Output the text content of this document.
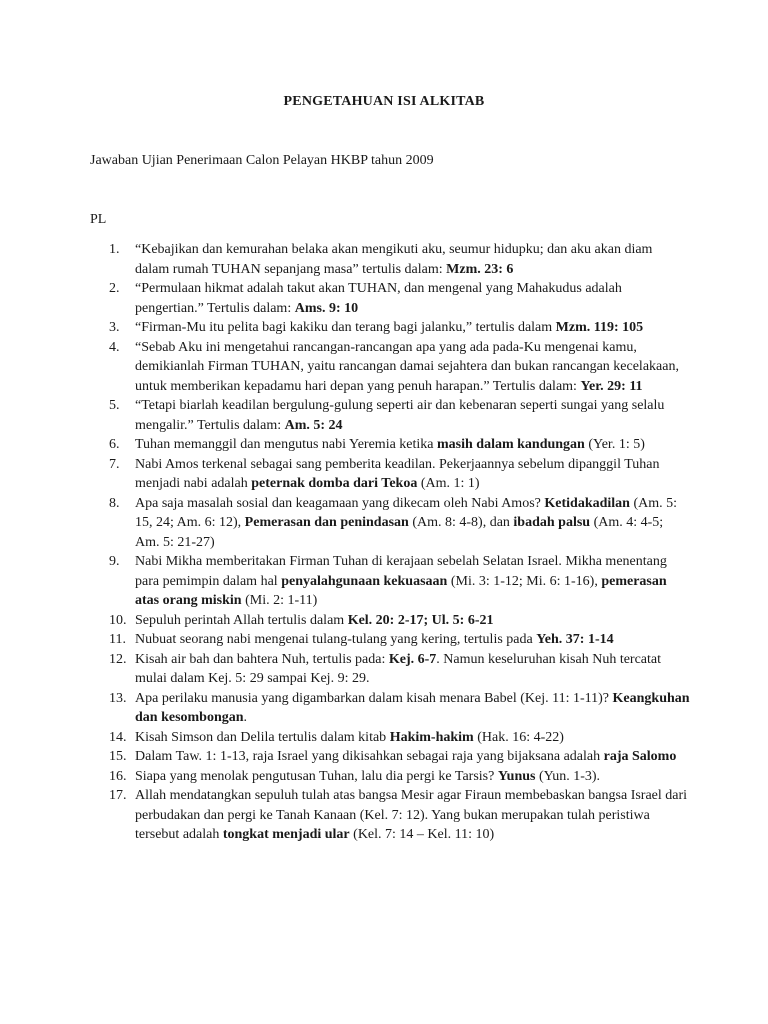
PENGETAHUAN ISI ALKITAB
Jawaban Ujian Penerimaan Calon Pelayan HKBP tahun 2009
PL
1.	“Kebajikan dan kemurahan belaka akan mengikuti aku, seumur hidupku; dan aku akan diam dalam rumah TUHAN sepanjang masa” tertulis dalam: Mzm. 23: 6
2.	“Permulaan hikmat adalah takut akan TUHAN, dan mengenal yang Mahakudus adalah pengertian.” Tertulis dalam: Ams. 9: 10
3.	“Firman-Mu itu pelita bagi kakiku dan terang bagi jalanku,” tertulis dalam Mzm. 119: 105
4.	“Sebab Aku ini mengetahui rancangan-rancangan apa yang ada pada-Ku mengenai kamu, demikianlah Firman TUHAN, yaitu rancangan damai sejahtera dan bukan rancangan kecelakaan, untuk memberikan kepadamu hari depan yang penuh harapan.” Tertulis dalam: Yer. 29: 11
5.	“Tetapi biarlah keadilan bergulung-gulung seperti air dan kebenaran seperti sungai yang selalu mengalir.” Tertulis dalam: Am. 5: 24
6.	Tuhan memanggil dan mengutus nabi Yeremia ketika masih dalam kandungan (Yer. 1: 5)
7.	Nabi Amos terkenal sebagai sang pemberita keadilan. Pekerjaannya sebelum dipanggil Tuhan menjadi nabi adalah peternak domba dari Tekoa (Am. 1: 1)
8.	Apa saja masalah sosial dan keagamaan yang dikecam oleh Nabi Amos? Ketidakadilan (Am. 5: 15, 24; Am. 6: 12), Pemerasan dan penindasan (Am. 8: 4-8), dan ibadah palsu (Am. 4: 4-5; Am. 5: 21-27)
9.	Nabi Mikha memberitakan Firman Tuhan di kerajaan sebelah Selatan Israel. Mikha menentang para pemimpin dalam hal penyalahgunaan kekuasaan (Mi. 3: 1-12; Mi. 6: 1-16), pemerasan atas orang miskin (Mi. 2: 1-11)
10. Sepuluh perintah Allah tertulis dalam Kel. 20: 2-17; Ul. 5: 6-21
11. Nubuat seorang nabi mengenai tulang-tulang yang kering, tertulis pada Yeh. 37: 1-14
12. Kisah air bah dan bahtera Nuh, tertulis pada: Kej. 6-7. Namun keseluruhan kisah Nuh tercatat mulai dalam Kej. 5: 29 sampai Kej. 9: 29.
13. Apa perilaku manusia yang digambarkan dalam kisah menara Babel (Kej. 11: 1-11)? Keangkuhan dan kesombongan.
14. Kisah Simson dan Delila tertulis dalam kitab Hakim-hakim (Hak. 16: 4-22)
15. Dalam Taw. 1: 1-13, raja Israel yang dikisahkan sebagai raja yang bijaksana adalah raja Salomo
16. Siapa yang menolak pengutusan Tuhan, lalu dia pergi ke Tarsis? Yunus (Yun. 1-3).
17. Allah mendatangkan sepuluh tulah atas bangsa Mesir agar Firaun membebaskan bangsa Israel dari perbudakan dan pergi ke Tanah Kanaan (Kel. 7: 12). Yang bukan merupakan tulah peristiwa tersebut adalah tongkat menjadi ular (Kel. 7: 14 – Kel. 11: 10)
